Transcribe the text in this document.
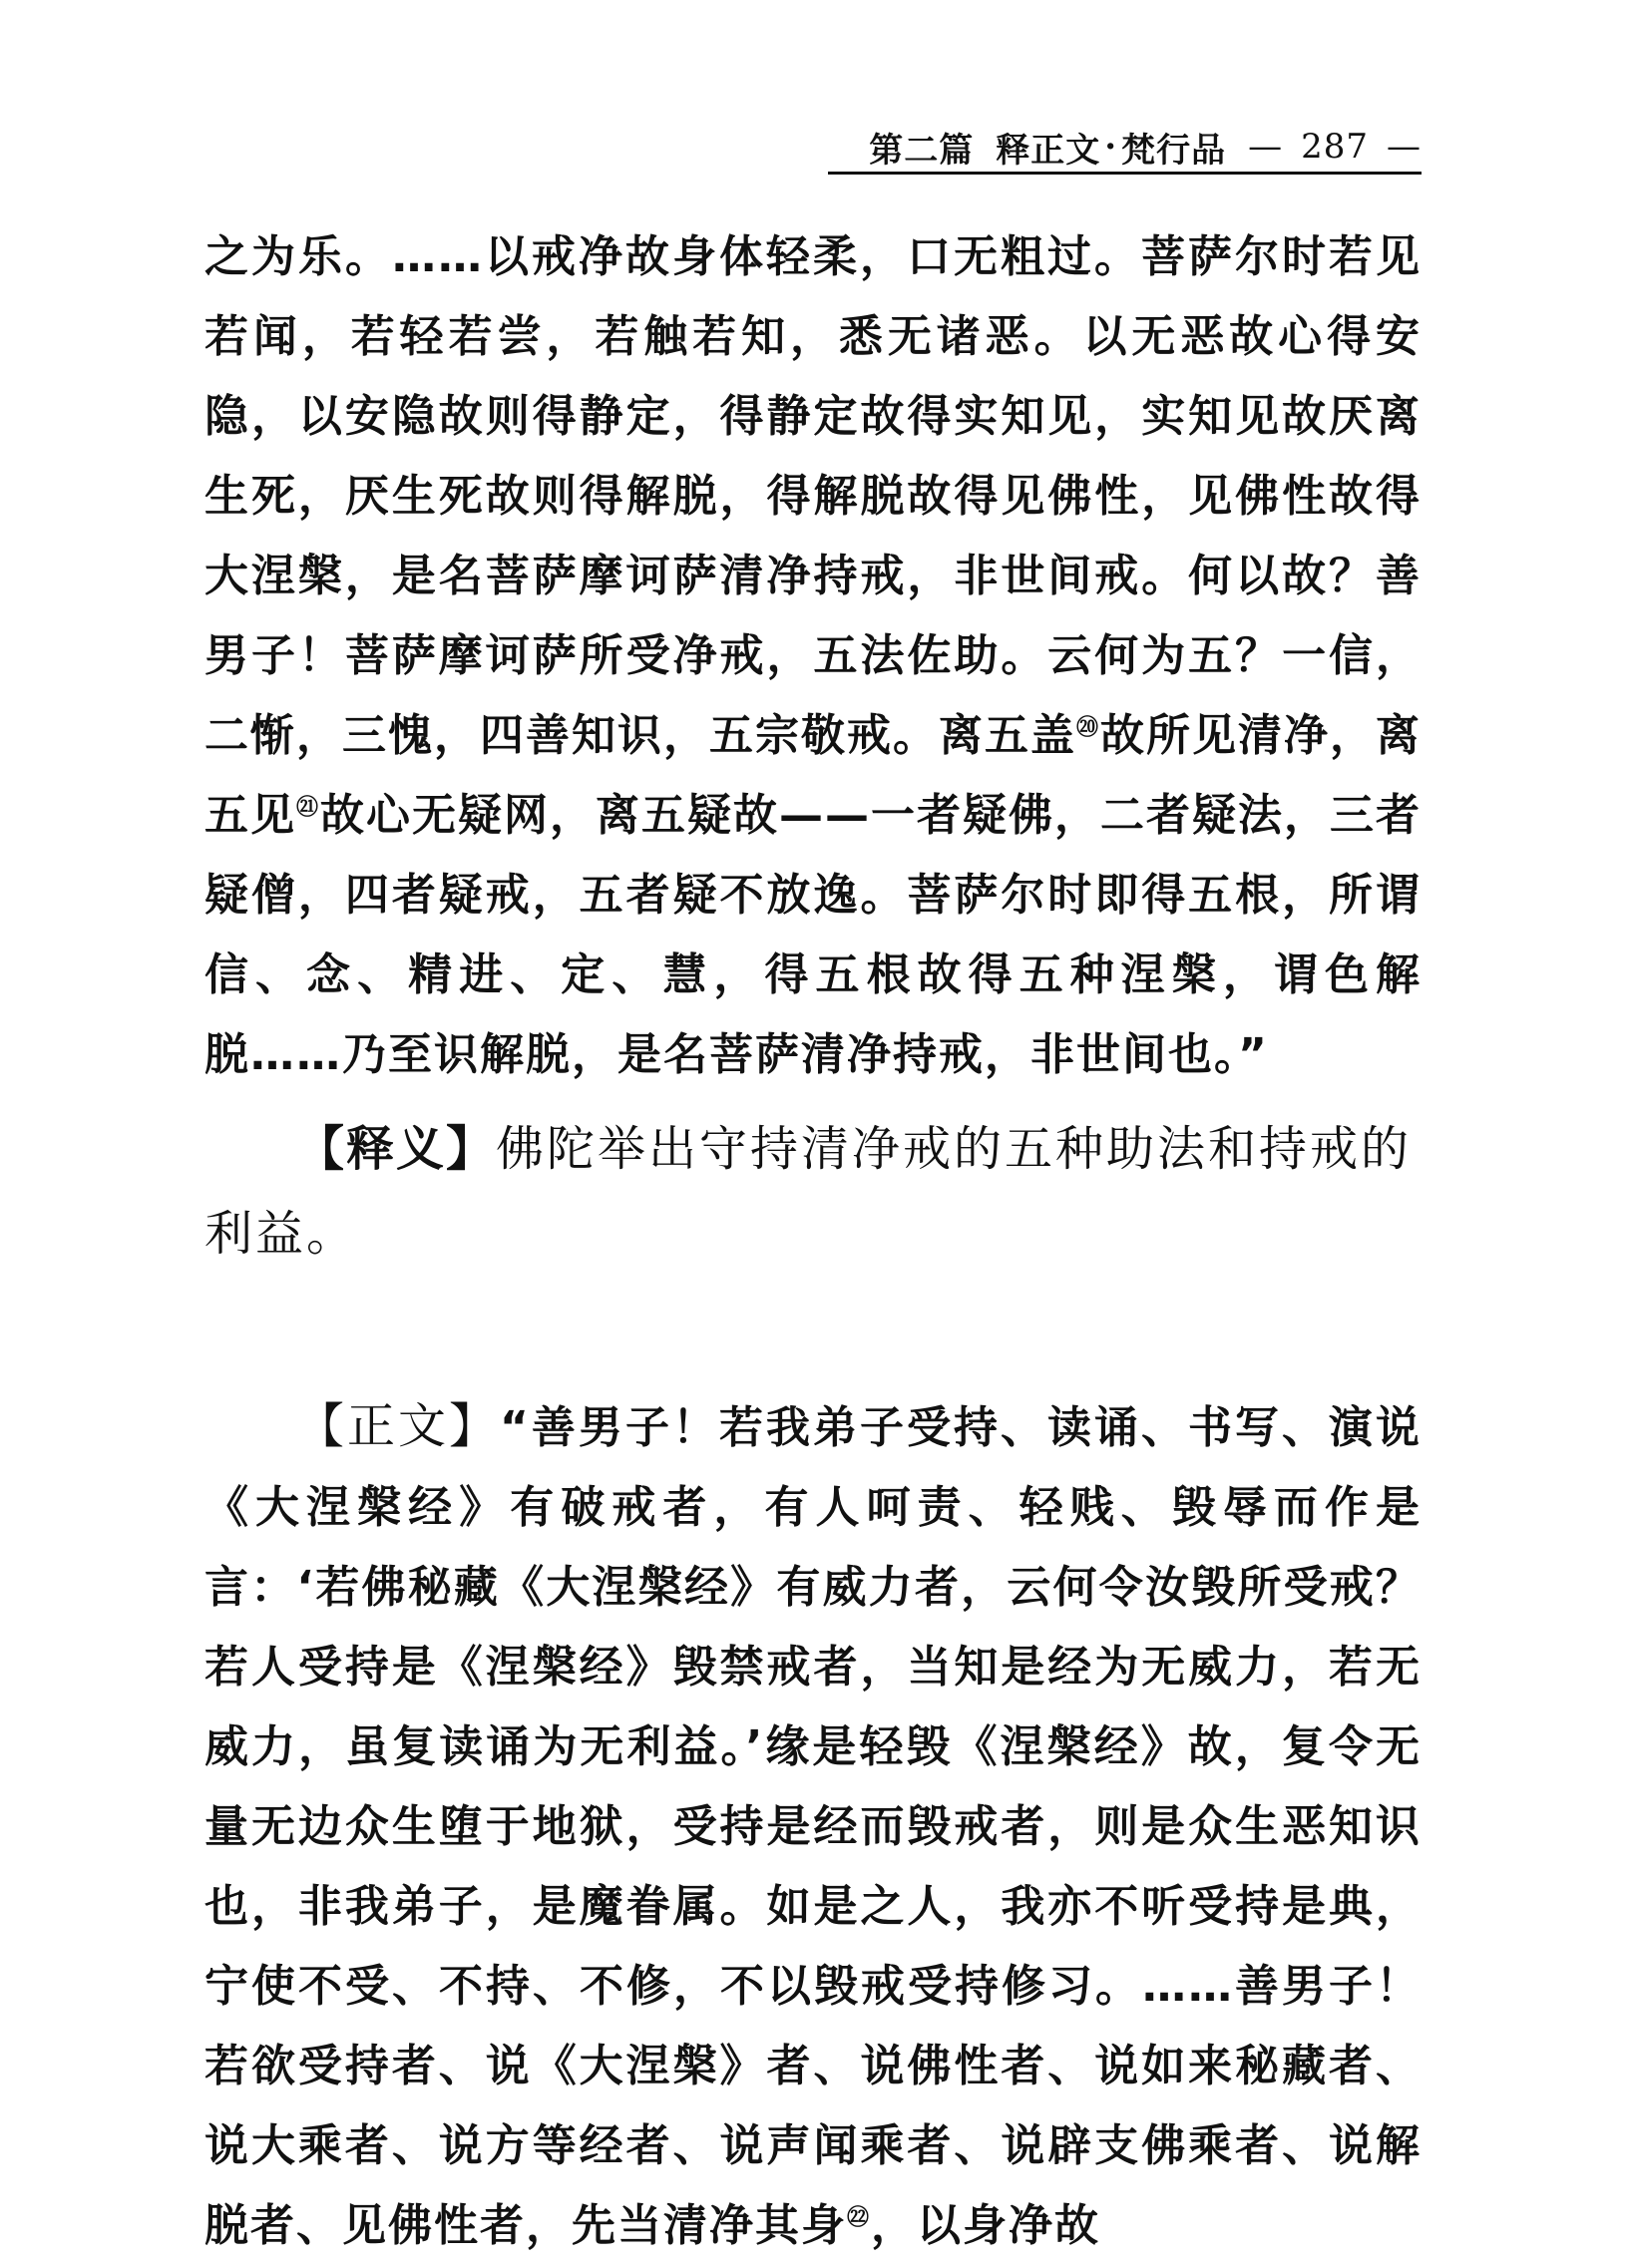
第二篇 释正文 · 梵行品 — 287 —

之为乐。……以戒净故身体轻柔，口无粗过。菩萨尔时若见若闻，若轻若尝，若触若知，悉无诸恶。以无恶故心得安隐，以安隐故则得静定，得静定故得实知见，实知见故厌离生死，厌生死故则得解脱，得解脱故得见佛性，见佛性故得大涅槃，是名菩萨摩诃萨清净持戒，非世间戒。何以故？善男子！菩萨摩诃萨所受净戒，五法佐助。云何为五？一信，二惭，三愧，四善知识，五宗敬戒。离五盖⑳故所见清净，离五见$^㉑$故心无疑网，离五疑故——一者疑佛，二者疑法，三者疑僧，四者疑戒，五者疑不放逸。菩萨尔时即得五根，所谓信、念、精进、定、慧，得五根故得五种涅槃，谓色解脱……乃至识解脱，是名菩萨清净持戒，非世间也。”

【释义】佛陀举出守持清净戒的五种助法和持戒的利益。

【正文】“善男子！若我弟子受持、读诵、书写、演说《大涅槃经》有破戒者，有人呵责、轻贱、毁辱而作是言：‘若佛秘藏《大涅槃经》有威力者，云何令汝毁所受戒？若人受持是《涅槃经》毁禁戒者，当知是经为无威力，若无威力，虽复读诵为无利益。’缘是轻毁《涅槃经》故，复令无量无边众生堕于地狱，受持是经而毁戒者，则是众生恶知识也，非我弟子，是魔眷属。如是之人，我亦不听受持是典，宁使不受、不持、不修，不以毁戒受持修习。……善男子！若欲受持者、说《大涅槃》者、说佛性者、说如来秘藏者、说大乘者、说方等经者、说声闻乘者、说辟支佛乘者、说解脱者、见佛性者，先当清净其身$^㉒$，以身净故
